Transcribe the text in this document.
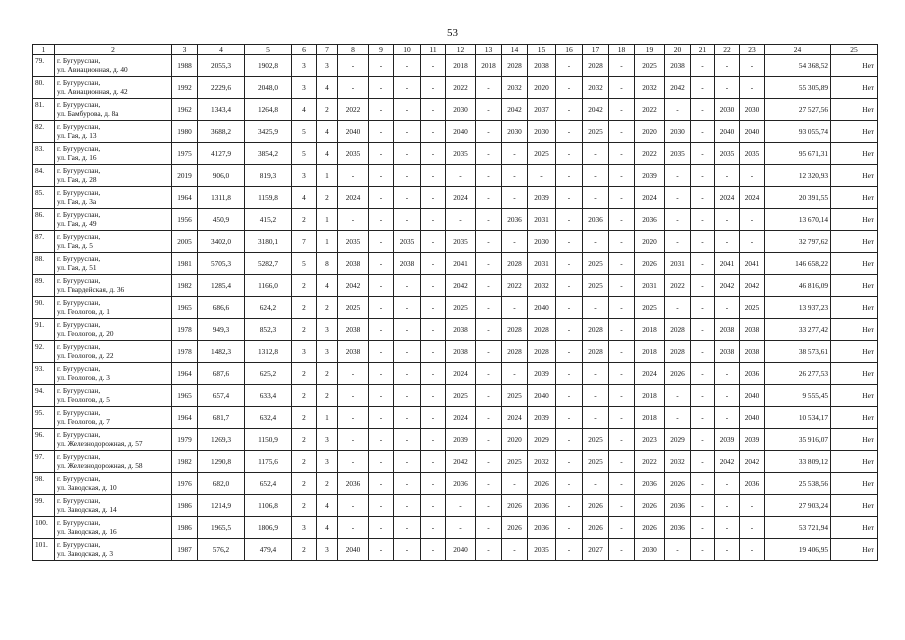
53
1	2	3	4	5	6	7	8	9	10	11	12	13	14	15	16	17	18	19	20	21	22	23	24	25
79.	г. Бугуруслан,
ул. Авиационная, д. 40	1988	2055,3	1902,8	3	3	-	-	-	-	2018	2018	2028	2038	-	2028	-	2025	2038	-	-	-	54 368,52	Нет
80.	г. Бугуруслан,
ул. Авиационная, д. 42	1992	2229,6	2048,0	3	4	-	-	-	-	2022	-	2032	2020	-	2032	-	2032	2042	-	-	-	55 305,89	Нет
81.	г. Бугуруслан,
ул. Бамбурова, д. 8а	1962	1343,4	1264,8	4	2	2022	-	-	-	2030	-	2042	2037	-	2042	-	2022	-	-	2030	2030	27 527,56	Нет
82.	г. Бугуруслан,
ул. Гая, д. 13	1980	3688,2	3425,9	5	4	2040	-	-	-	2040	-	2030	2030	-	2025	-	2020	2030	-	2040	2040	93 055,74	Нет
83.	г. Бугуруслан,
ул. Гая, д. 16	1975	4127,9	3854,2	5	4	2035	-	-	-	2035	-	-	2025	-	-	-	2022	2035	-	2035	2035	95 671,31	Нет
84.	г. Бугуруслан,
ул. Гая, д. 28	2019	906,0	819,3	3	1	-	-	-	-	-	-	-	-	-	-	-	2039	-	-	-	-	12 320,93	Нет
85.	г. Бугуруслан,
ул. Гая, д. 3а	1964	1311,8	1159,8	4	2	2024	-	-	-	2024	-	-	2039	-	-	-	2024	-	-	2024	2024	20 391,55	Нет
86.	г. Бугуруслан,
ул. Гая, д. 49	1956	450,9	415,2	2	1	-	-	-	-	-	-	2036	2031	-	2036	-	2036	-	-	-	-	13 670,14	Нет
87.	г. Бугуруслан,
ул. Гая, д. 5	2005	3402,0	3180,1	7	1	2035	-	2035	-	2035	-	-	2030	-	-	-	2020	-	-	-	-	32 797,62	Нет
88.	г. Бугуруслан,
ул. Гая, д. 51	1981	5705,3	5282,7	5	8	2038	-	2038	-	2041	-	2028	2031	-	2025	-	2026	2031	-	2041	2041	146 658,22	Нет
89.	г. Бугуруслан,
ул. Гвардейская, д. 36	1982	1285,4	1166,0	2	4	2042	-	-	-	2042	-	2022	2032	-	2025	-	2031	2022	-	2042	2042	46 816,09	Нет
90.	г. Бугуруслан,
ул. Геологов, д. 1	1965	686,6	624,2	2	2	2025	-	-	-	2025	-	-	2040	-	-	-	2025	-	-	-	2025	13 937,23	Нет
91.	г. Бугуруслан,
ул. Геологов, д. 20	1978	949,3	852,3	2	3	2038	-	-	-	2038	-	2028	2028	-	2028	-	2018	2028	-	2038	2038	33 277,42	Нет
92.	г. Бугуруслан,
ул. Геологов, д. 22	1978	1482,3	1312,8	3	3	2038	-	-	-	2038	-	2028	2028	-	2028	-	2018	2028	-	2038	2038	38 573,61	Нет
93.	г. Бугуруслан,
ул. Геологов, д. 3	1964	687,6	625,2	2	2	-	-	-	-	2024	-	-	2039	-	-	-	2024	2026	-	-	2036	26 277,53	Нет
94.	г. Бугуруслан,
ул. Геологов, д. 5	1965	657,4	633,4	2	2	-	-	-	-	2025	-	2025	2040	-	-	-	2018	-	-	-	2040	9 555,45	Нет
95.	г. Бугуруслан,
ул. Геологов, д. 7	1964	681,7	632,4	2	1	-	-	-	-	2024	-	2024	2039	-	-	-	2018	-	-	-	2040	10 534,17	Нет
96.	г. Бугуруслан,
ул. Железнодорожная, д. 57	1979	1269,3	1150,9	2	3	-	-	-	-	2039	-	2020	2029	-	2025	-	2023	2029	-	2039	2039	35 916,07	Нет
97.	г. Бугуруслан,
ул. Железнодорожная, д. 58	1982	1290,8	1175,6	2	3	-	-	-	-	2042	-	2025	2032	-	2025	-	2022	2032	-	2042	2042	33 809,12	Нет
98.	г. Бугуруслан,
ул. Заводская, д. 10	1976	682,0	652,4	2	2	2036	-	-	-	2036	-	-	2026	-	-	-	2036	2026	-	-	2036	25 538,56	Нет
99.	г. Бугуруслан,
ул. Заводская, д. 14	1986	1214,9	1106,8	2	4	-	-	-	-	-	-	2026	2036	-	2026	-	2026	2036	-	-	-	27 903,24	Нет
100.	г. Бугуруслан,
ул. Заводская, д. 16	1986	1965,5	1806,9	3	4	-	-	-	-	-	-	2026	2036	-	2026	-	2026	2036	-	-	-	53 721,94	Нет
101.	г. Бугуруслан,
ул. Заводская, д. 3	1987	576,2	479,4	2	3	2040	-	-	-	2040	-	-	2035	-	2027	-	2030	-	-	-	-	19 406,95	Нет
